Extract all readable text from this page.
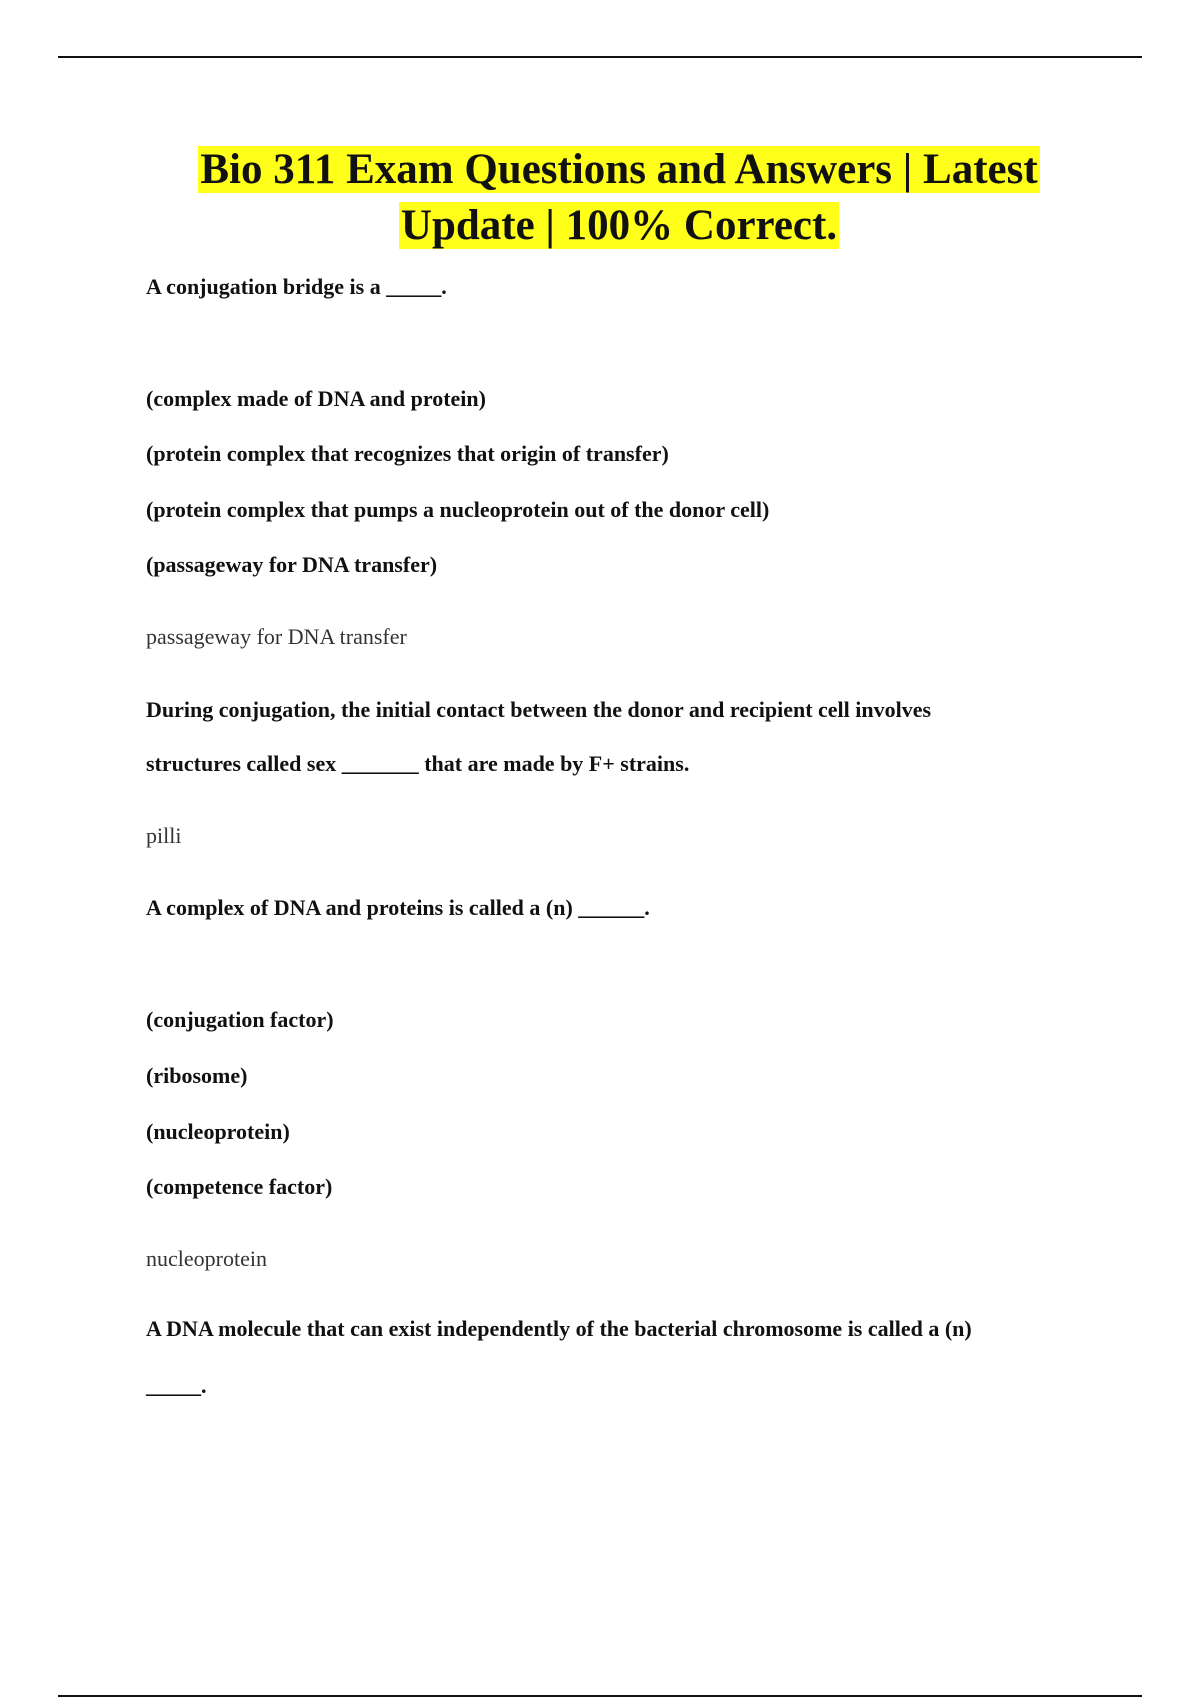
Bio 311 Exam Questions and Answers | Latest
Update | 100% Correct.
A conjugation bridge is a _____.
(complex made of DNA and protein)
(protein complex that recognizes that origin of transfer)
(protein complex that pumps a nucleoprotein out of the donor cell)
(passageway for DNA transfer)
passageway for DNA transfer
During conjugation, the initial contact between the donor and recipient cell involves
structures called sex _______ that are made by F+ strains.
pilli
A complex of DNA and proteins is called a (n) ______.
(conjugation factor)
(ribosome)
(nucleoprotein)
(competence factor)
nucleoprotein
A DNA molecule that can exist independently of the bacterial chromosome is called a (n)
_____.
